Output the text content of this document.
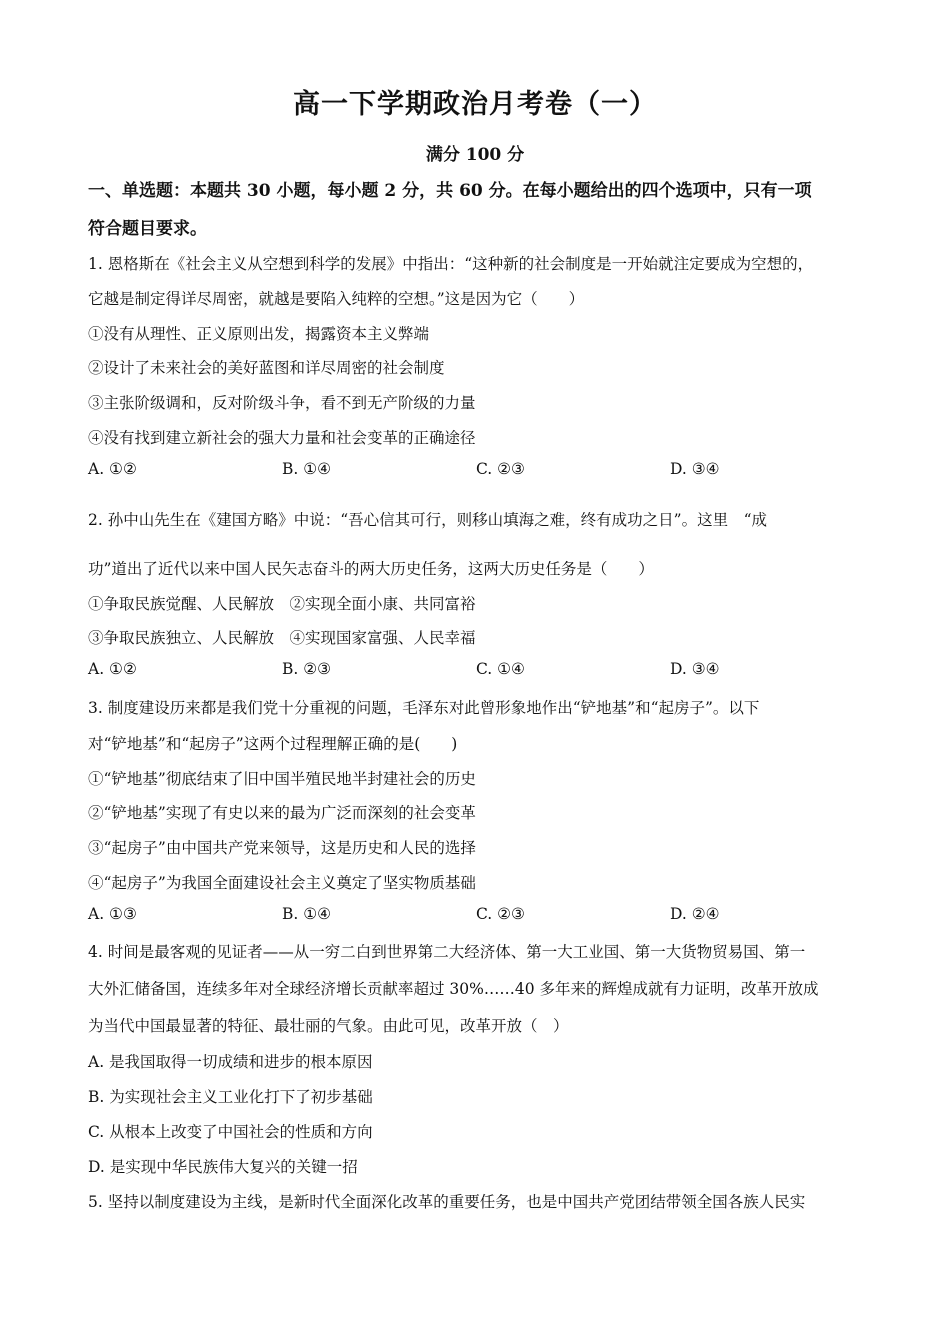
高一下学期政治月考卷（一）
满分 100 分
一、单选题：本题共 30 小题，每小题 2 分，共 60 分。在每小题给出的四个选项中，只有一项
符合题目要求。
1. 恩格斯在《社会主义从空想到科学的发展》中指出：“这种新的社会制度是一开始就注定要成为空想的，
它越是制定得详尽周密，就越是要陷入纯粹的空想。”这是因为它（　　）
①没有从理性、正义原则出发，揭露资本主义弊端
②设计了未来社会的美好蓝图和详尽周密的社会制度
③主张阶级调和，反对阶级斗争，看不到无产阶级的力量
④没有找到建立新社会的强大力量和社会变革的正确途径
A. ①②	B. ①④	C. ②③	D. ③④
2. 孙中山先生在《建国方略》中说：“吾心信其可行，则移山填海之难，终有成功之日”。这里　“成
功”道出了近代以来中国人民矢志奋斗的两大历史任务，这两大历史任务是（　　）
①争取民族觉醒、人民解放　②实现全面小康、共同富裕
③争取民族独立、人民解放　④实现国家富强、人民幸福
A. ①②	B. ②③	C. ①④	D. ③④
3. 制度建设历来都是我们党十分重视的问题，毛泽东对此曾形象地作出“铲地基”和“起房子”。以下
对“铲地基”和“起房子”这两个过程理解正确的是(　　)
①“铲地基”彻底结束了旧中国半殖民地半封建社会的历史
②“铲地基”实现了有史以来的最为广泛而深刻的社会变革
③“起房子”由中国共产党来领导，这是历史和人民的选择
④“起房子”为我国全面建设社会主义奠定了坚实物质基础
A. ①③	B. ①④	C. ②③	D. ②④
4. 时间是最客观的见证者——从一穷二白到世界第二大经济体、第一大工业国、第一大货物贸易国、第一
大外汇储备国，连续多年对全球经济增长贡献率超过 30%……40 多年来的辉煌成就有力证明，改革开放成
为当代中国最显著的特征、最壮丽的气象。由此可见，改革开放（　）
A. 是我国取得一切成绩和进步的根本原因
B. 为实现社会主义工业化打下了初步基础
C. 从根本上改变了中国社会的性质和方向
D. 是实现中华民族伟大复兴的关键一招
5. 坚持以制度建设为主线，是新时代全面深化改革的重要任务，也是中国共产党团结带领全国各族人民实
